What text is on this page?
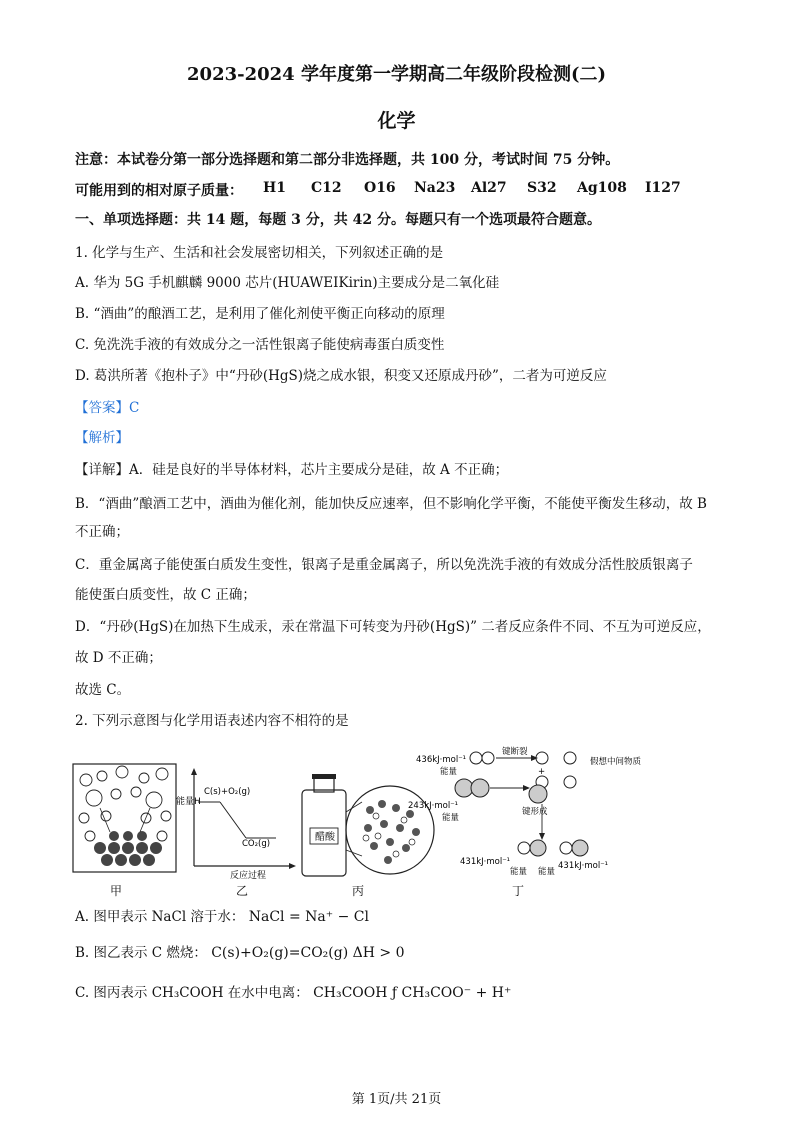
2023-2024 学年度第一学期高二年级阶段检测(二)
化学
注意：本试卷分第一部分选择题和第二部分非选择题，共 100 分，考试时间 75 分钟。
可能用到的相对原子质量： H1 C12 O16 Na23 Al27 S32 Ag108 I127
一、单项选择题：共 14 题，每题 3 分，共 42 分。每题只有一个选项最符合题意。
1. 化学与生产、生活和社会发展密切相关，下列叙述正确的是
A. 华为 5G 手机麒麟 9000 芯片(HUAWEIKirin)主要成分是二氧化硅
B. “酒曲”的酿酒工艺，是利用了催化剂使平衡正向移动的原理
C. 免洗洗手液的有效成分之一活性银离子能使病毒蛋白质变性
D. 葛洪所著《抱朴子》中“丹砂(HgS)烧之成水银，积变又还原成丹砂”，二者为可逆反应
【答案】C
【解析】
【详解】A．硅是良好的半导体材料，芯片主要成分是硅，故 A 不正确；
B．“酒曲”酿酒工艺中，酒曲为催化剂，能加快反应速率，但不影响化学平衡，不能使平衡发生移动，故 B
不正确；
C．重金属离子能使蛋白质发生变性，银离子是重金属离子，所以免洗洗手液的有效成分活性胶质银离子
能使蛋白质变性，故 C 正确；
D．“丹砂(HgS)在加热下生成汞，汞在常温下可转变为丹砂(HgS)” 二者反应条件不同、不互为可逆反应，
故 D 不正确；
故选 C。
2. 下列示意图与化学用语表述内容不相符的是
能量H
C(s)+O₂(g)
CO₂(g)
反应过程
醋酸
436kJ·mol⁻¹
能量
键断裂
+
假想中间物质
243kJ·mol⁻¹
能量
键形成
431kJ·mol⁻¹
能量
431kJ·mol⁻¹
能量
甲	乙	丙	丁
A. 图甲表示 NaCl 溶于水： NaCl = Na⁺ − Cl
B. 图乙表示 C 燃烧： C(s)+O₂(g)=CO₂(g) ΔH > 0
C. 图丙表示 CH₃COOH 在水中电离： CH₃COOH ƒ CH₃COO⁻ + H⁺
第 1页/共 21页
